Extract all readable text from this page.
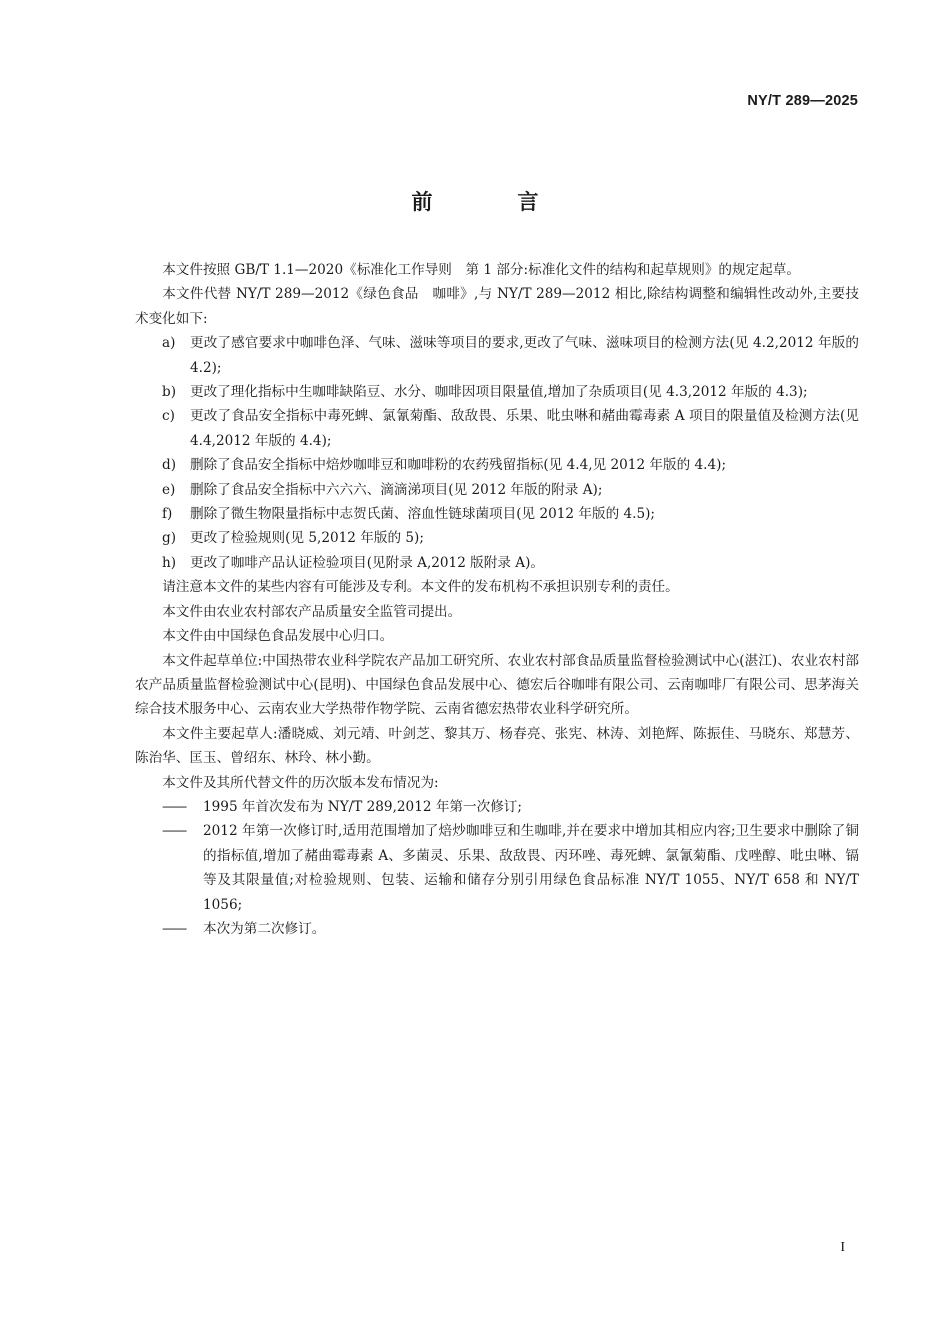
NY/T 289—2025
前　言

本文件按照 GB/T 1.1—2020《标准化工作导则　第 1 部分:标准化文件的结构和起草规则》的规定起草。

本文件代替 NY/T 289—2012《绿色食品　咖啡》,与 NY/T 289—2012 相比,除结构调整和编辑性改动外,主要技术变化如下:

a)	更改了感官要求中咖啡色泽、气味、滋味等项目的要求,更改了气味、滋味项目的检测方法(见 4.2,2012 年版的 4.2);
b)	更改了理化指标中生咖啡缺陷豆、水分、咖啡因项目限量值,增加了杂质项目(见 4.3,2012 年版的 4.3);
c)	更改了食品安全指标中毒死蜱、氯氰菊酯、敌敌畏、乐果、吡虫啉和赭曲霉毒素 A 项目的限量值及检测方法(见 4.4,2012 年版的 4.4);
d)	删除了食品安全指标中焙炒咖啡豆和咖啡粉的农药残留指标(见 4.4,见 2012 年版的 4.4);
e)	删除了食品安全指标中六六六、滴滴涕项目(见 2012 年版的附录 A);
f)	删除了微生物限量指标中志贺氏菌、溶血性链球菌项目(见 2012 年版的 4.5);
g)	更改了检验规则(见 5,2012 年版的 5);
h)	更改了咖啡产品认证检验项目(见附录 A,2012 版附录 A)。

请注意本文件的某些内容有可能涉及专利。本文件的发布机构不承担识别专利的责任。

本文件由农业农村部农产品质量安全监管司提出。

本文件由中国绿色食品发展中心归口。

本文件起草单位:中国热带农业科学院农产品加工研究所、农业农村部食品质量监督检验测试中心(湛江)、农业农村部农产品质量监督检验测试中心(昆明)、中国绿色食品发展中心、德宏后谷咖啡有限公司、云南咖啡厂有限公司、思茅海关综合技术服务中心、云南农业大学热带作物学院、云南省德宏热带农业科学研究所。

本文件主要起草人:潘晓威、刘元靖、叶剑芝、黎其万、杨春亮、张宪、林涛、刘艳辉、陈振佳、马晓东、郑慧芳、陈治华、匡玉、曾绍东、林玲、林小勤。

本文件及其所代替文件的历次版本发布情况为:

——	1995 年首次发布为 NY/T 289,2012 年第一次修订;
——	2012 年第一次修订时,适用范围增加了焙炒咖啡豆和生咖啡,并在要求中增加其相应内容;卫生要求中删除了铜的指标值,增加了赭曲霉毒素 A、多菌灵、乐果、敌敌畏、丙环唑、毒死蜱、氯氰菊酯、戊唑醇、吡虫啉、镉等及其限量值;对检验规则、包装、运输和储存分别引用绿色食品标准 NY/T 1055、NY/T 658 和 NY/T 1056;
——	本次为第二次修订。
I
